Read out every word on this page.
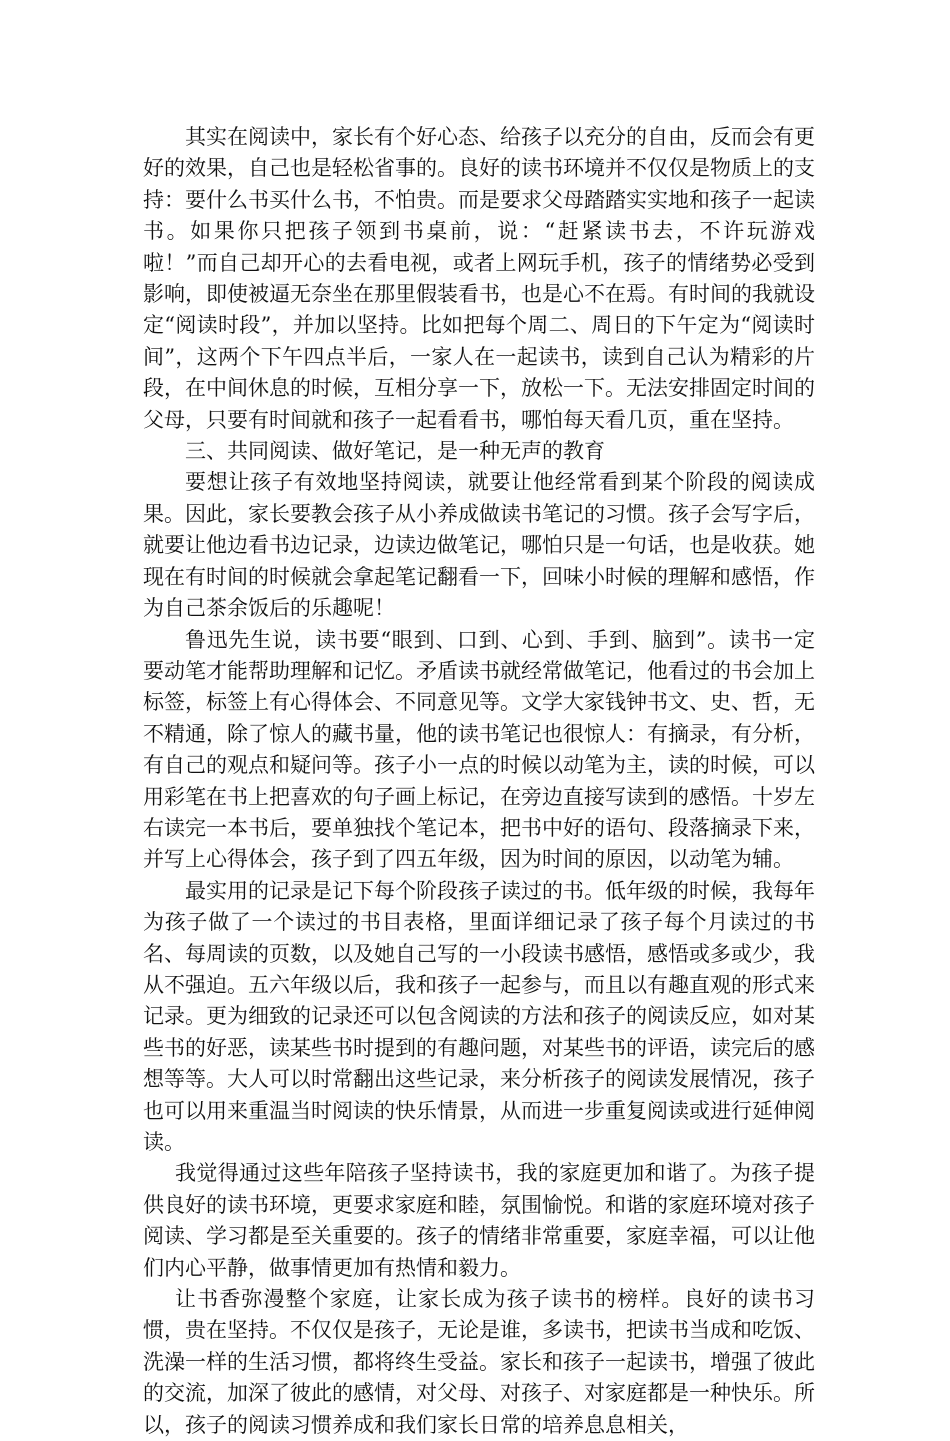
其实在阅读中，家长有个好心态、给孩子以充分的自由，反而会有更好的效果，自己也是轻松省事的。良好的读书环境并不仅仅是物质上的支持：要什么书买什么书，不怕贵。而是要求父母踏踏实实地和孩子一起读书。如果你只把孩子领到书桌前，说：“赶紧读书去，不许玩游戏啦！”而自己却开心的去看电视，或者上网玩手机，孩子的情绪势必受到影响，即使被逼无奈坐在那里假装看书，也是心不在焉。有时间的我就设定“阅读时段”，并加以坚持。比如把每个周二、周日的下午定为“阅读时间”，这两个下午四点半后，一家人在一起读书，读到自己认为精彩的片段，在中间休息的时候，互相分享一下，放松一下。无法安排固定时间的父母，只要有时间就和孩子一起看看书，哪怕每天看几页，重在坚持。

三、共同阅读、做好笔记，是一种无声的教育

要想让孩子有效地坚持阅读，就要让他经常看到某个阶段的阅读成果。因此，家长要教会孩子从小养成做读书笔记的习惯。孩子会写字后，就要让他边看书边记录，边读边做笔记，哪怕只是一句话，也是收获。她现在有时间的时候就会拿起笔记翻看一下，回味小时候的理解和感悟，作为自己茶余饭后的乐趣呢！

鲁迅先生说，读书要“眼到、口到、心到、手到、脑到”。读书一定要动笔才能帮助理解和记忆。矛盾读书就经常做笔记，他看过的书会加上标签，标签上有心得体会、不同意见等。文学大家钱钟书文、史、哲，无不精通，除了惊人的藏书量，他的读书笔记也很惊人：有摘录，有分析，有自己的观点和疑问等。孩子小一点的时候以动笔为主，读的时候，可以用彩笔在书上把喜欢的句子画上标记，在旁边直接写读到的感悟。十岁左右读完一本书后，要单独找个笔记本，把书中好的语句、段落摘录下来，并写上心得体会，孩子到了四五年级，因为时间的原因，以动笔为辅。

最实用的记录是记下每个阶段孩子读过的书。低年级的时候，我每年为孩子做了一个读过的书目表格，里面详细记录了孩子每个月读过的书名、每周读的页数，以及她自己写的一小段读书感悟，感悟或多或少，我从不强迫。五六年级以后，我和孩子一起参与，而且以有趣直观的形式来记录。更为细致的记录还可以包含阅读的方法和孩子的阅读反应，如对某些书的好恶，读某些书时提到的有趣问题，对某些书的评语，读完后的感想等等。大人可以时常翻出这些记录，来分析孩子的阅读发展情况，孩子也可以用来重温当时阅读的快乐情景，从而进一步重复阅读或进行延伸阅读。

我觉得通过这些年陪孩子坚持读书，我的家庭更加和谐了。为孩子提供良好的读书环境，更要求家庭和睦，氛围愉悦。和谐的家庭环境对孩子阅读、学习都是至关重要的。孩子的情绪非常重要，家庭幸福，可以让他们内心平静，做事情更加有热情和毅力。

让书香弥漫整个家庭，让家长成为孩子读书的榜样。良好的读书习惯，贵在坚持。不仅仅是孩子，无论是谁，多读书，把读书当成和吃饭、洗澡一样的生活习惯，都将终生受益。家长和孩子一起读书，增强了彼此的交流，加深了彼此的感情，对父母、对孩子、对家庭都是一种快乐。所以，孩子的阅读习惯养成和我们家长日常的培养息息相关，
